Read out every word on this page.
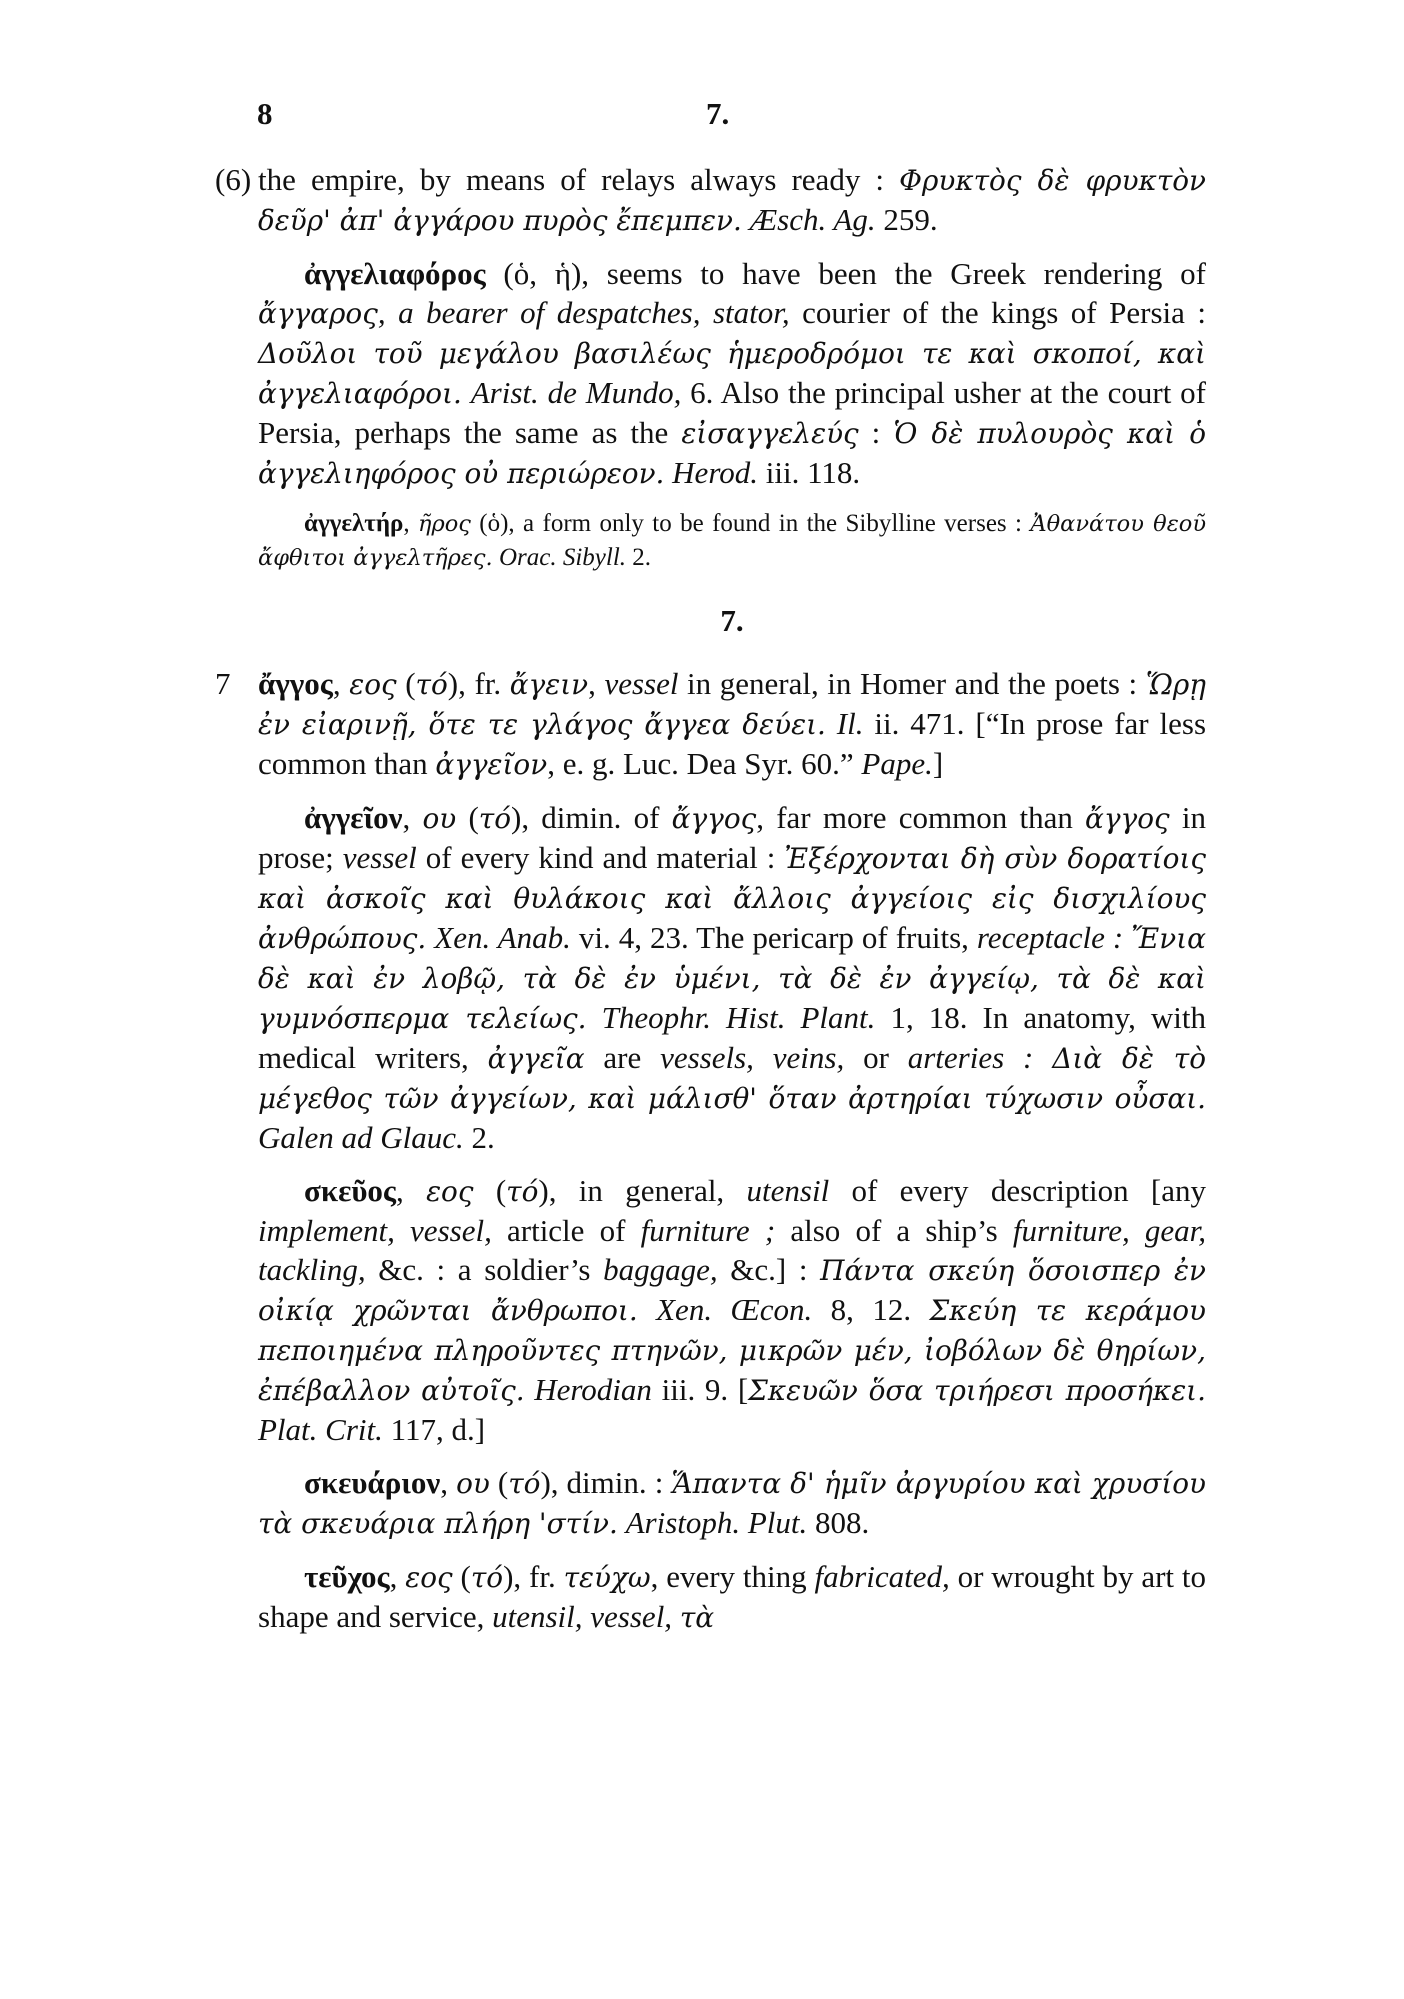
8	7.

(6) the empire, by means of relays always ready : Φρυκτὸς δὲ φρυκτὸν δεῦρ' ἀπ' ἀγγάρου πυρὸς ἔπεμπεν. Æsch. Ag. 259.

ἀγγελιαφόρος (ὁ, ἡ), seems to have been the Greek rendering of ἄγγαρος, a bearer of despatches, stator, courier of the kings of Persia : Δοῦλοι τοῦ μεγάλου βασιλέως ἡμεροδρόμοι τε καὶ σκοποί, καὶ ἀγγελιαφόροι. Arist. de Mundo, 6. Also the principal usher at the court of Persia, perhaps the same as the εἰσαγγελεύς : Ὁ δὲ πυλουρὸς καὶ ὁ ἀγγελιηφόρος οὐ περιώρεον. Herod. iii. 118.

ἀγγελτήρ, ῆρος (ὁ), a form only to be found in the Sibylline verses : Ἀθανάτου θεοῦ ἄφθιτοι ἀγγελτῆρες. Orac. Sibyll. 2.

7.

7 ἄγγος, εος (τό), fr. ἄγειν, vessel in general, in Homer and the poets : Ὥρῃ ἐν εἰαρινῇ, ὅτε τε γλάγος ἄγγεα δεύει. Il. ii. 471. [“In prose far less common than ἀγγεῖον, e. g. Luc. Dea Syr. 60.” Pape.]

ἀγγεῖον, ου (τό), dimin. of ἄγγος, far more common than ἄγγος in prose; vessel of every kind and material : Ἐξέρχονται δὴ σὺν δορατίοις καὶ ἀσκοῖς καὶ θυλάκοις καὶ ἄλλοις ἀγγείοις εἰς δισχιλίους ἀνθρώπους. Xen. Anab. vi. 4, 23. The pericarp of fruits, receptacle : Ἔνια δὲ καὶ ἐν λοβῷ, τὰ δὲ ἐν ὑμένι, τὰ δὲ ἐν ἀγγείῳ, τὰ δὲ καὶ γυμνόσπερμα τελείως. Theophr. Hist. Plant. 1, 18. In anatomy, with medical writers, ἀγγεῖα are vessels, veins, or arteries : Διὰ δὲ τὸ μέγεθος τῶν ἀγγείων, καὶ μάλισθ' ὅταν ἀρτηρίαι τύχωσιν οὖσαι. Galen ad Glauc. 2.

σκεῦος, εος (τό), in general, utensil of every description [any implement, vessel, article of furniture ; also of a ship’s furniture, gear, tackling, &c. : a soldier’s baggage, &c.] : Πάντα σκεύη ὅσοισπερ ἐν οἰκίᾳ χρῶνται ἄνθρωποι. Xen. Œcon. 8, 12. Σκεύη τε κεράμου πεποιημένα πληροῦντες πτηνῶν, μικρῶν μέν, ἰοβόλων δὲ θηρίων, ἐπέβαλλον αὐτοῖς. Herodian iii. 9. [Σκευῶν ὅσα τριήρεσι προσήκει. Plat. Crit. 117, d.]

σκευάριον, ου (τό), dimin. : Ἅπαντα δ' ἡμῖν ἀργυρίου καὶ χρυσίου τὰ σκευάρια πλήρη 'στίν. Aristoph. Plut. 808.

τεῦχος, εος (τό), fr. τεύχω, every thing fabricated, or wrought by art to shape and service, utensil, vessel, τὰ
